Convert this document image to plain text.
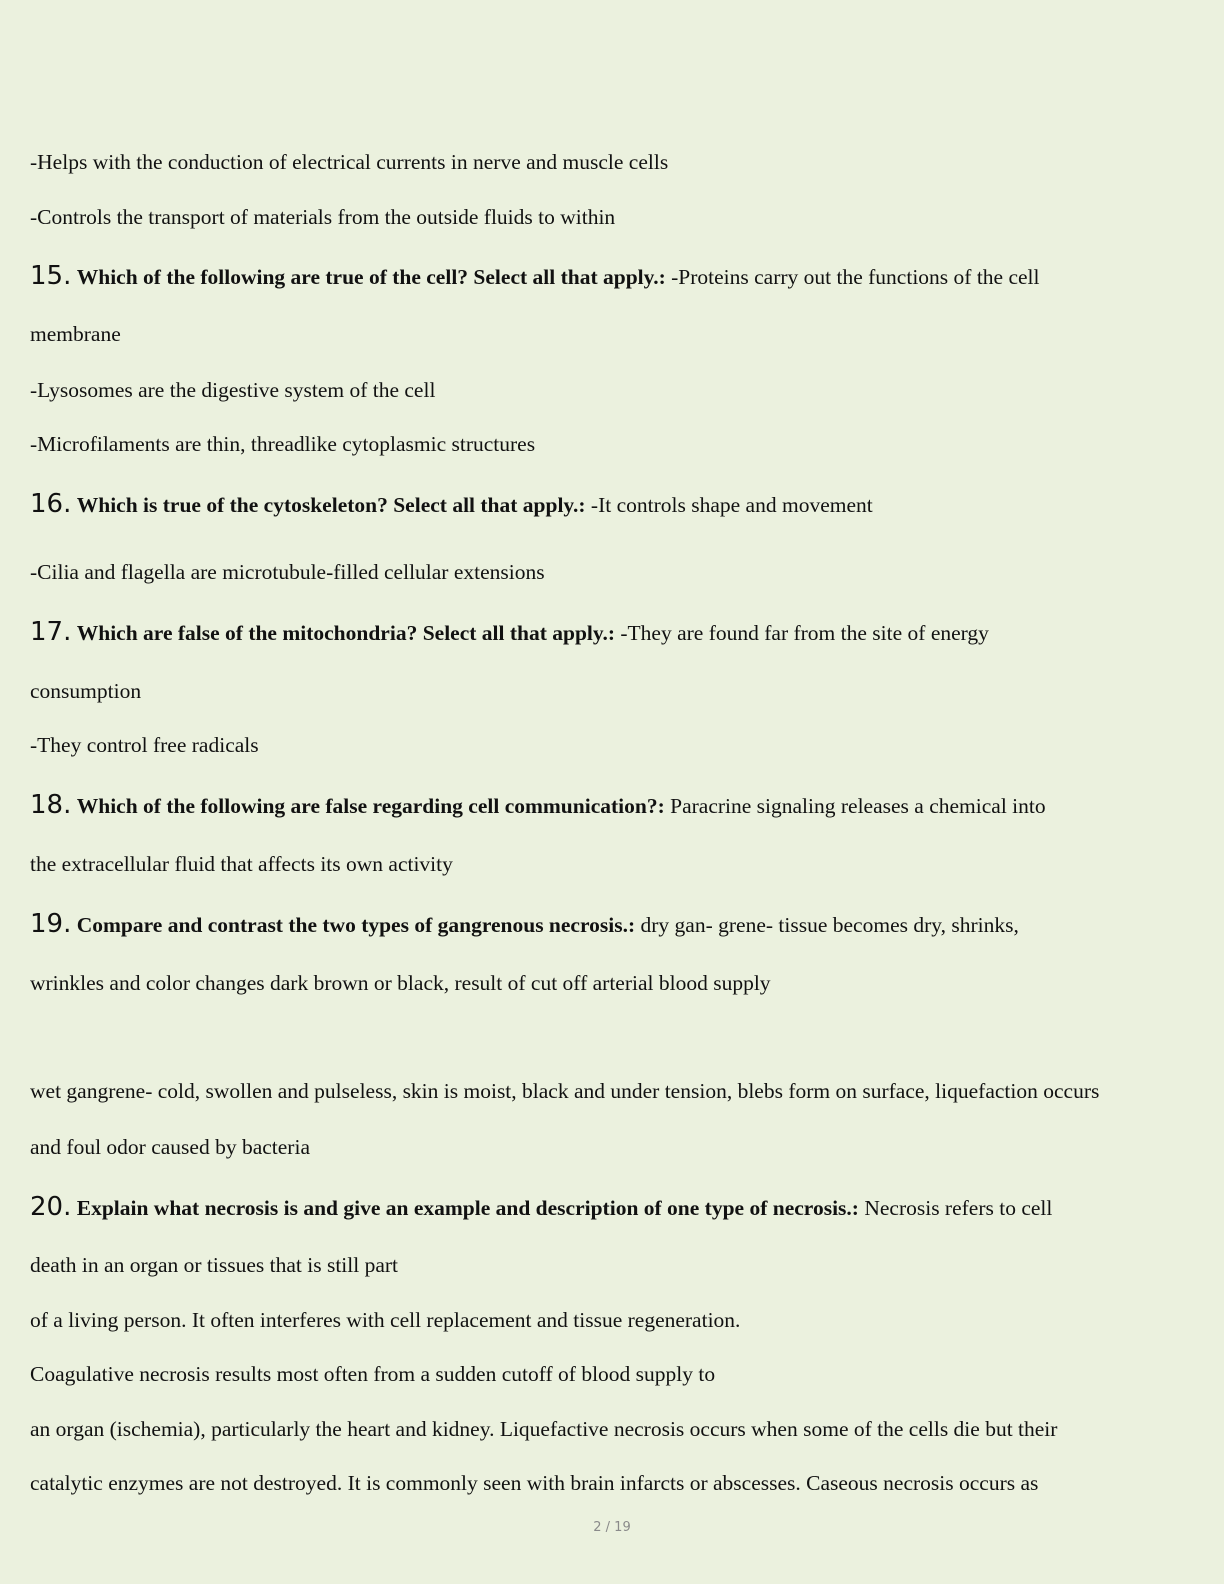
-Helps with the conduction of electrical currents in nerve and muscle cells
-Controls the transport of materials from the outside fluids to within
15. Which of the following are true of the cell? Select all that apply.: -Proteins carry out the functions of the cell
membrane
-Lysosomes are the digestive system of the cell
-Microfilaments are thin, threadlike cytoplasmic structures
16. Which is true of the cytoskeleton? Select all that apply.: -It controls shape and movement
-Cilia and flagella are microtubule-filled cellular extensions
17. Which are false of the mitochondria? Select all that apply.: -They are found far from the site of energy
consumption
-They control free radicals
18. Which of the following are false regarding cell communication?: Paracrine signaling releases a chemical into
the extracellular fluid that affects its own activity
19. Compare and contrast the two types of gangrenous necrosis.: dry gan- grene- tissue becomes dry, shrinks,
wrinkles and color changes dark brown or black, result of cut off arterial blood supply
wet gangrene- cold, swollen and pulseless, skin is moist, black and under tension, blebs form on surface, liquefaction occurs
and foul odor caused by bacteria
20. Explain what necrosis is and give an example and description of one type of necrosis.: Necrosis refers to cell
death in an organ or tissues that is still part
of a living person. It often interferes with cell replacement and tissue regeneration.
Coagulative necrosis results most often from a sudden cutoff of blood supply to
an organ (ischemia), particularly the heart and kidney. Liquefactive necrosis occurs when some of the cells die but their
catalytic enzymes are not destroyed. It is commonly seen with brain infarcts or abscesses. Caseous necrosis occurs as
2 / 19
